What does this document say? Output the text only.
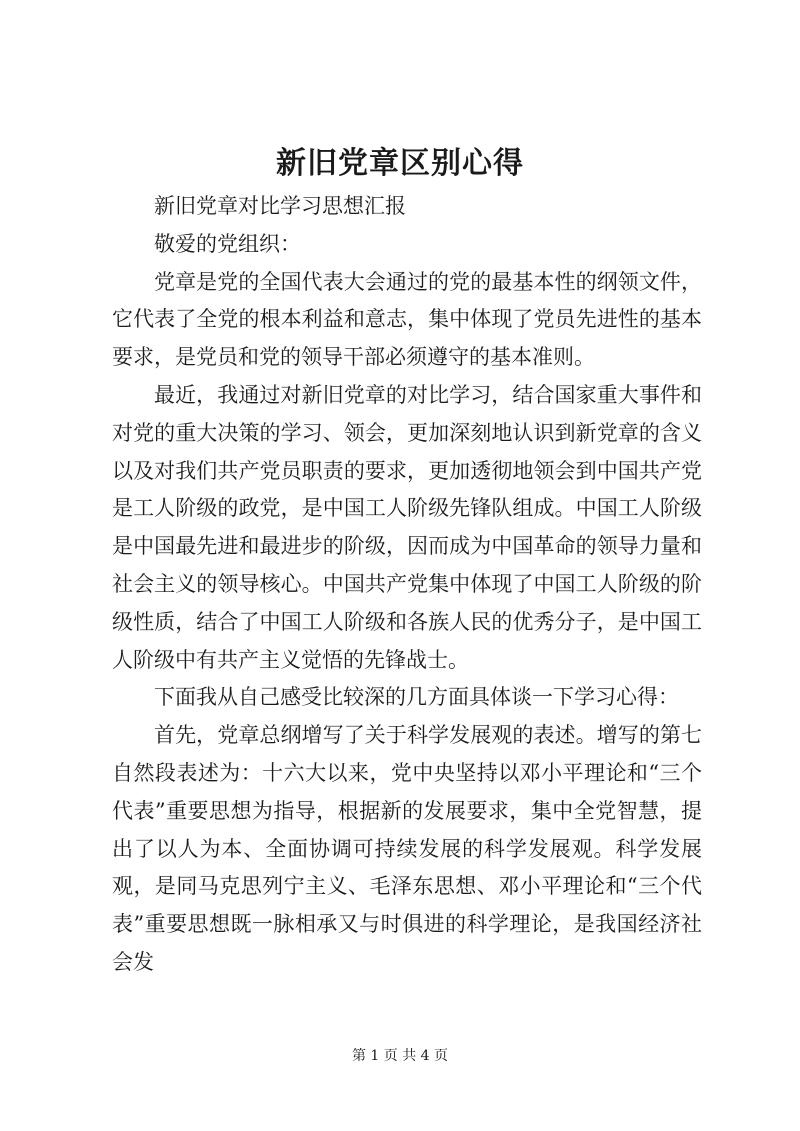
新旧党章区别心得

新旧党章对比学习思想汇报

敬爱的党组织：

党章是党的全国代表大会通过的党的最基本性的纲领文件，它代表了全党的根本利益和意志，集中体现了党员先进性的基本要求，是党员和党的领导干部必须遵守的基本准则。

最近，我通过对新旧党章的对比学习，结合国家重大事件和对党的重大决策的学习、领会，更加深刻地认识到新党章的含义以及对我们共产党员职责的要求，更加透彻地领会到中国共产党是工人阶级的政党，是中国工人阶级先锋队组成。中国工人阶级是中国最先进和最进步的阶级，因而成为中国革命的领导力量和社会主义的领导核心。中国共产党集中体现了中国工人阶级的阶级性质，结合了中国工人阶级和各族人民的优秀分子，是中国工人阶级中有共产主义觉悟的先锋战士。

下面我从自己感受比较深的几方面具体谈一下学习心得：

首先，党章总纲增写了关于科学发展观的表述。增写的第七自然段表述为：十六大以来，党中央坚持以邓小平理论和“三个代表”重要思想为指导，根据新的发展要求，集中全党智慧，提出了以人为本、全面协调可持续发展的科学发展观。科学发展观，是同马克思列宁主义、毛泽东思想、邓小平理论和“三个代表”重要思想既一脉相承又与时俱进的科学理论，是我国经济社会发

第 1 页 共 4 页
